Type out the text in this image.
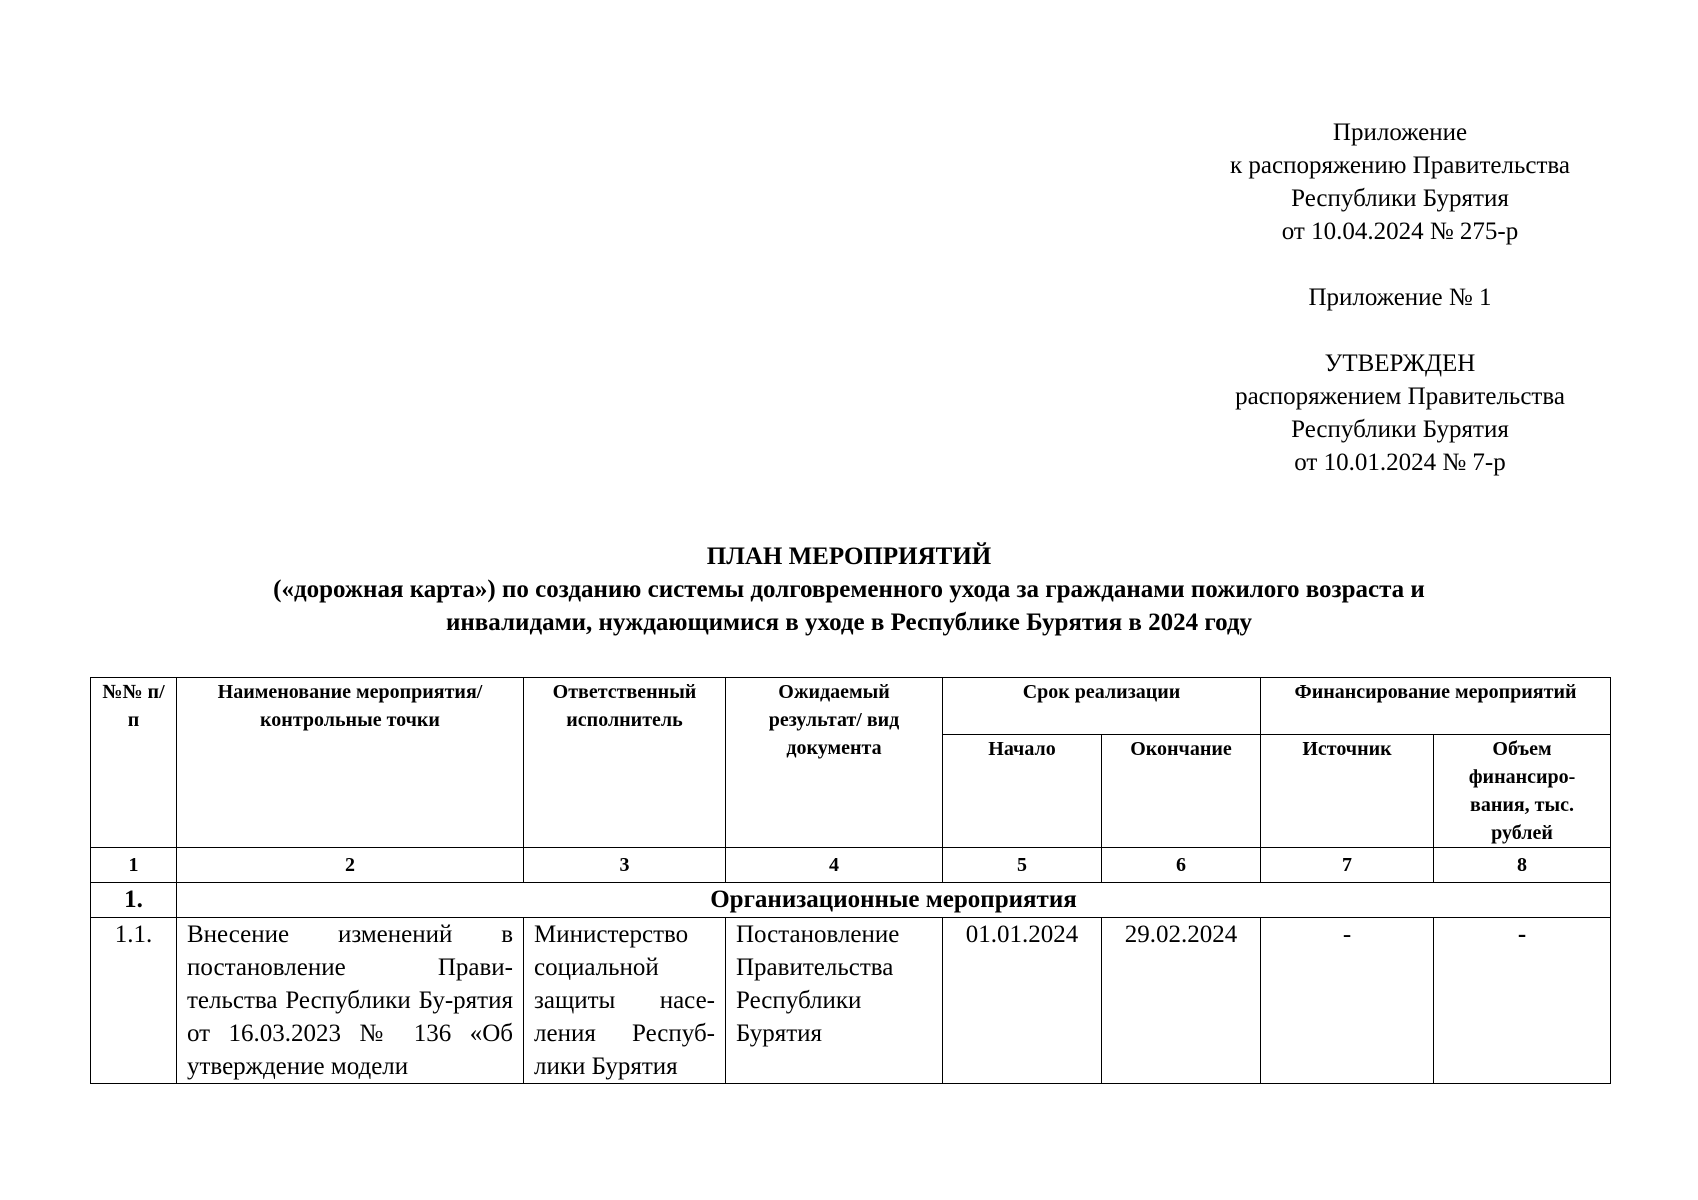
Приложение
к распоряжению Правительства
Республики Бурятия
от 10.04.2024 № 275-р
Приложение № 1
УТВЕРЖДЕН
распоряжением Правительства
Республики Бурятия
от 10.01.2024 № 7-р
ПЛАН МЕРОПРИЯТИЙ
(«дорожная карта») по созданию системы долговременного ухода за гражданами пожилого возраста и
инвалидами, нуждающимися в уходе в Республике Бурятия в 2024 году
№№ п/п	Наименование мероприятия/ контрольные точки	Ответственный исполнитель	Ожидаемый результат/ вид документа	Срок реализации		Финансирование мероприятий	
				Начало	Окончание	Источник	Объем финансиро-вания, тыс. рублей
1	2	3	4	5	6	7	8
1.	Организационные мероприятия						
1.1.	Внесение изменений в постановление Прави-тельства Республики Бу-рятия от 16.03.2023 № 136 «Об утверждение модели	Министерство социальной защиты насе-ления Респуб-лики Бурятия	Постановление Правительства Республики Бурятия	01.01.2024	29.02.2024	-	-
